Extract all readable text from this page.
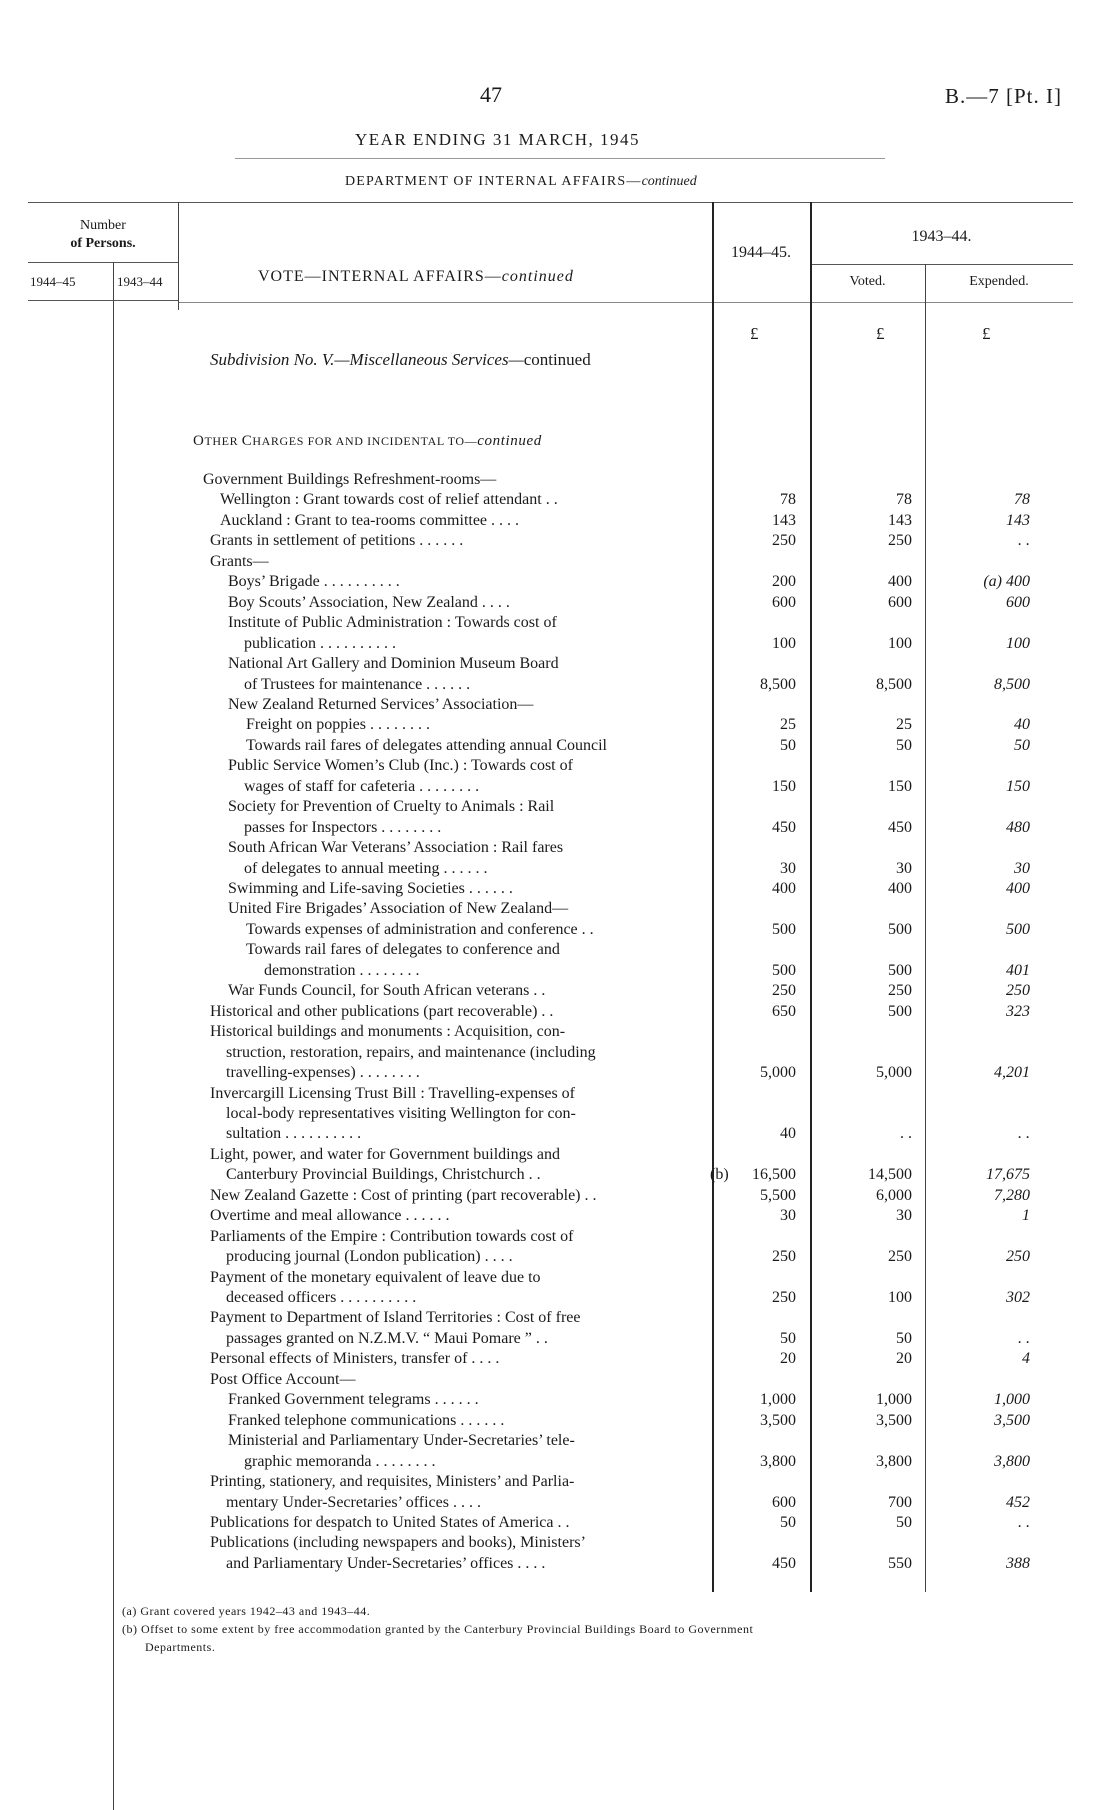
47	B.—7 [Pt. I]
YEAR ENDING 31 MARCH, 1945
DEPARTMENT OF INTERNAL AFFAIRS—continued
Number
of Persons.
1944–45	1943–44	VOTE—INTERNAL AFFAIRS—continued
1944–45.
1943–44.
Voted.	Expended.
£	£	£
Subdivision No. V.—Miscellaneous Services—continued
OTHER CHARGES FOR AND INCIDENTAL TO—continued
Government Buildings Refreshment-rooms—
Wellington : Grant towards cost of relief attendant . .	78	78	78
Auckland : Grant to tea-rooms committee . . . .	143	143	143
Grants in settlement of petitions . . . . . .	250	250	. .
Grants—
Boys’ Brigade . . . . . . . . . .	200	400	(a) 400
Boy Scouts’ Association, New Zealand . . . .	600	600	600
Institute of Public Administration : Towards cost of
publication . . . . . . . . . .	100	100	100
National Art Gallery and Dominion Museum Board
of Trustees for maintenance . . . . . .	8,500	8,500	8,500
New Zealand Returned Services’ Association—
Freight on poppies . . . . . . . .	25	25	40
Towards rail fares of delegates attending annual Council	50	50	50
Public Service Women’s Club (Inc.) : Towards cost of
wages of staff for cafeteria . . . . . . . .	150	150	150
Society for Prevention of Cruelty to Animals : Rail
passes for Inspectors . . . . . . . .	450	450	480
South African War Veterans’ Association : Rail fares
of delegates to annual meeting . . . . . .	30	30	30
Swimming and Life-saving Societies . . . . . .	400	400	400
United Fire Brigades’ Association of New Zealand—
Towards expenses of administration and conference . .	500	500	500
Towards rail fares of delegates to conference and
demonstration . . . . . . . .	500	500	401
War Funds Council, for South African veterans . .	250	250	250
Historical and other publications (part recoverable) . .	650	500	323
Historical buildings and monuments : Acquisition, con-
struction, restoration, repairs, and maintenance (including
travelling-expenses) . . . . . . . .	5,000	5,000	4,201
Invercargill Licensing Trust Bill : Travelling-expenses of
local-body representatives visiting Wellington for con-
sultation . . . . . . . . . .	40	. .	. .
Light, power, and water for Government buildings and
Canterbury Provincial Buildings, Christchurch . .	(b)	16,500	14,500	17,675
New Zealand Gazette : Cost of printing (part recoverable) . .	5,500	6,000	7,280
Overtime and meal allowance . . . . . .	30	30	1
Parliaments of the Empire : Contribution towards cost of
producing journal (London publication) . . . .	250	250	250
Payment of the monetary equivalent of leave due to
deceased officers . . . . . . . . . .	250	100	302
Payment to Department of Island Territories : Cost of free
passages granted on N.Z.M.V. “ Maui Pomare ” . .	50	50	. .
Personal effects of Ministers, transfer of . . . .	20	20	4
Post Office Account—
Franked Government telegrams . . . . . .	1,000	1,000	1,000
Franked telephone communications . . . . . .	3,500	3,500	3,500
Ministerial and Parliamentary Under-Secretaries’ tele-
graphic memoranda . . . . . . . .	3,800	3,800	3,800
Printing, stationery, and requisites, Ministers’ and Parlia-
mentary Under-Secretaries’ offices . . . .	600	700	452
Publications for despatch to United States of America . .	50	50	. .
Publications (including newspapers and books), Ministers’
and Parliamentary Under-Secretaries’ offices . . . .	450	550	388
(a) Grant covered years 1942–43 and 1943–44.
(b) Offset to some extent by free accommodation granted by the Canterbury Provincial Buildings Board to Government
Departments.
